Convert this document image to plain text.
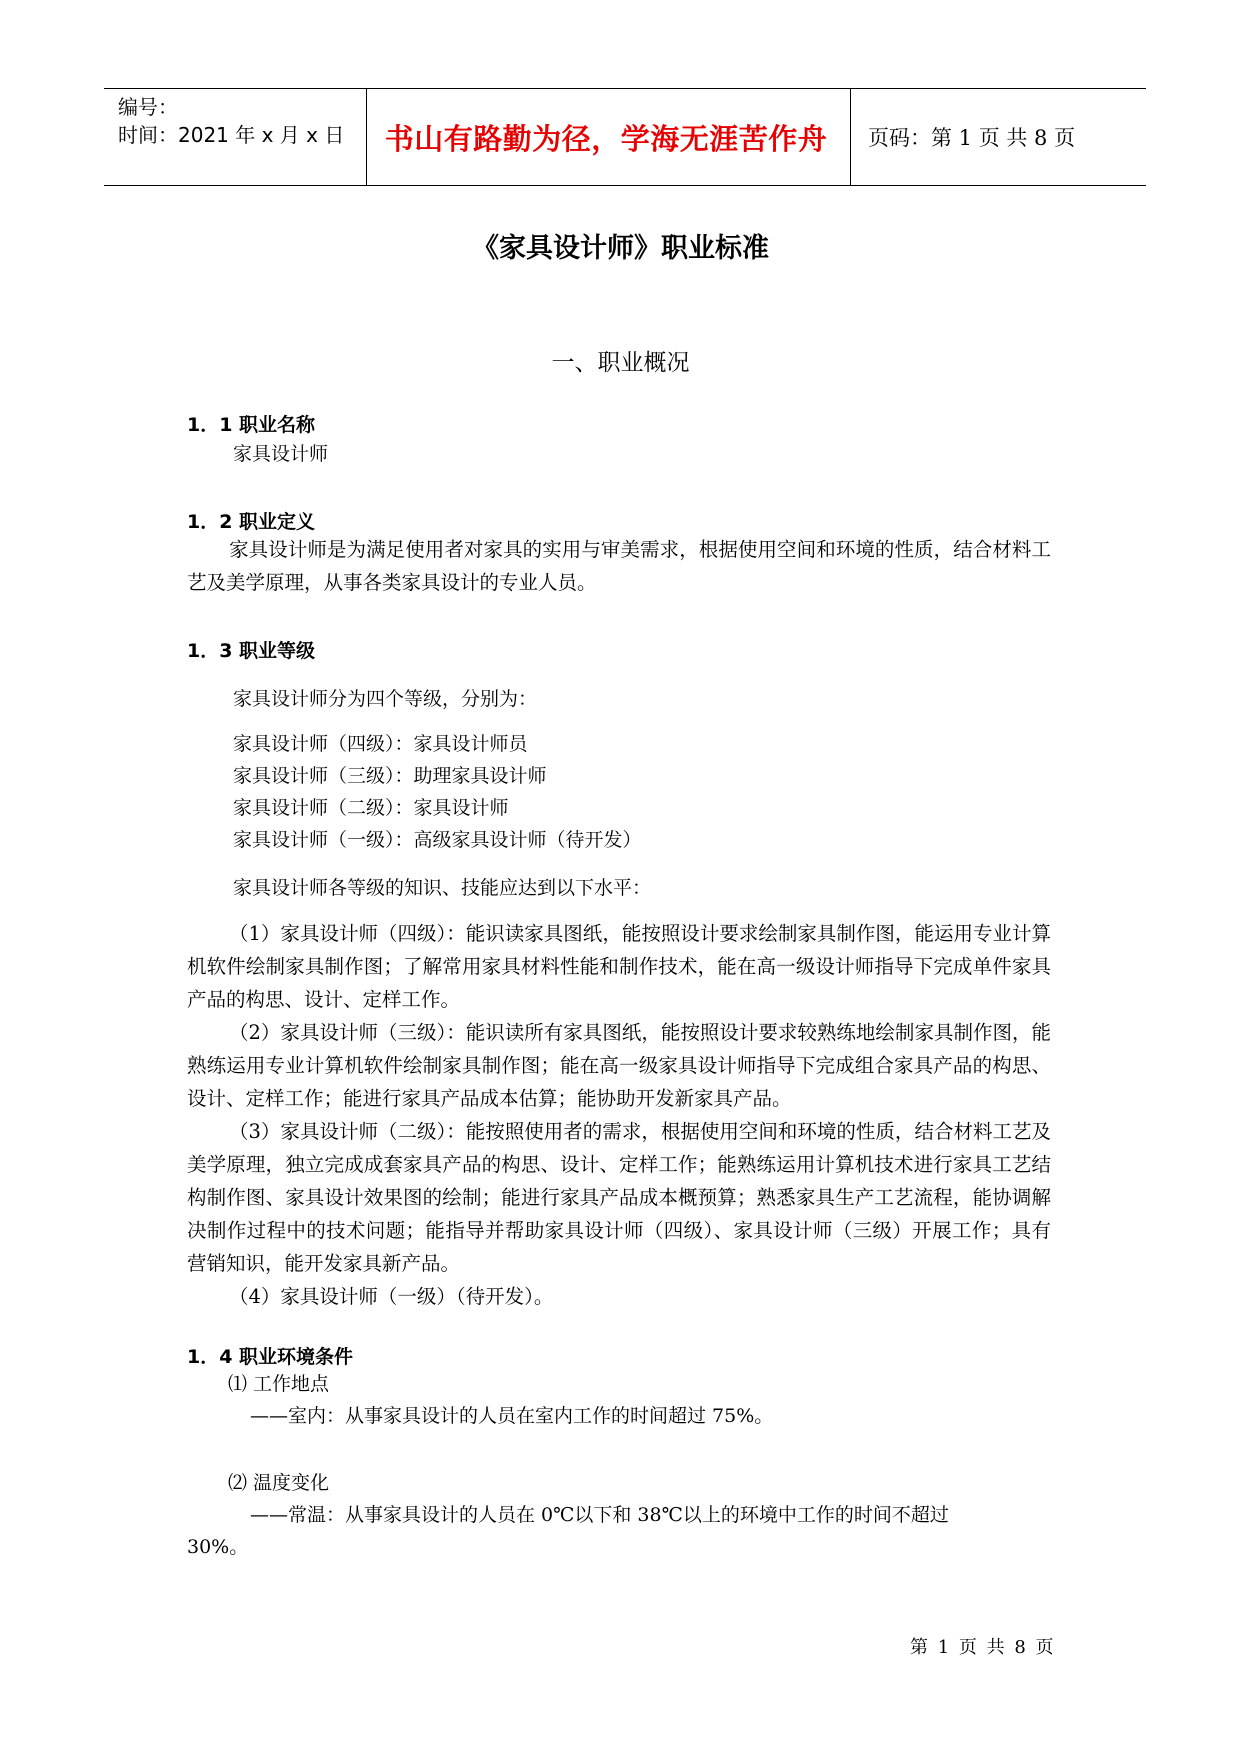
编号：
时间：2021 年 x 月 x 日	书山有路勤为径，学海无涯苦作舟	页码：第 1 页 共 8 页
《家具设计师》职业标准
一、职业概况
1．1 职业名称
家具设计师
1．2 职业定义
家具设计师是为满足使用者对家具的实用与审美需求，根据使用空间和环境的性质，结合材料工艺及美学原理，从事各类家具设计的专业人员。
1．3 职业等级
家具设计师分为四个等级，分别为：
家具设计师（四级）：家具设计师员
家具设计师（三级）：助理家具设计师
家具设计师（二级）：家具设计师
家具设计师（一级）：高级家具设计师（待开发）
家具设计师各等级的知识、技能应达到以下水平：
（1）家具设计师（四级）：能识读家具图纸，能按照设计要求绘制家具制作图，能运用专业计算机软件绘制家具制作图；了解常用家具材料性能和制作技术，能在高一级设计师指导下完成单件家具产品的构思、设计、定样工作。
（2）家具设计师（三级）：能识读所有家具图纸，能按照设计要求较熟练地绘制家具制作图，能熟练运用专业计算机软件绘制家具制作图；能在高一级家具设计师指导下完成组合家具产品的构思、设计、定样工作；能进行家具产品成本估算；能协助开发新家具产品。
（3）家具设计师（二级）：能按照使用者的需求，根据使用空间和环境的性质，结合材料工艺及美学原理，独立完成成套家具产品的构思、设计、定样工作；能熟练运用计算机技术进行家具工艺结构制作图、家具设计效果图的绘制；能进行家具产品成本概预算；熟悉家具生产工艺流程，能协调解决制作过程中的技术问题；能指导并帮助家具设计师（四级）、家具设计师（三级）开展工作；具有营销知识，能开发家具新产品。
（4）家具设计师（一级）（待开发）。
1．4 职业环境条件
⑴ 工作地点
——室内：从事家具设计的人员在室内工作的时间超过 75%。
⑵ 温度变化
——常温：从事家具设计的人员在 0℃以下和 38℃以上的环境中工作的时间不超过
30%。
第 1 页 共 8 页
